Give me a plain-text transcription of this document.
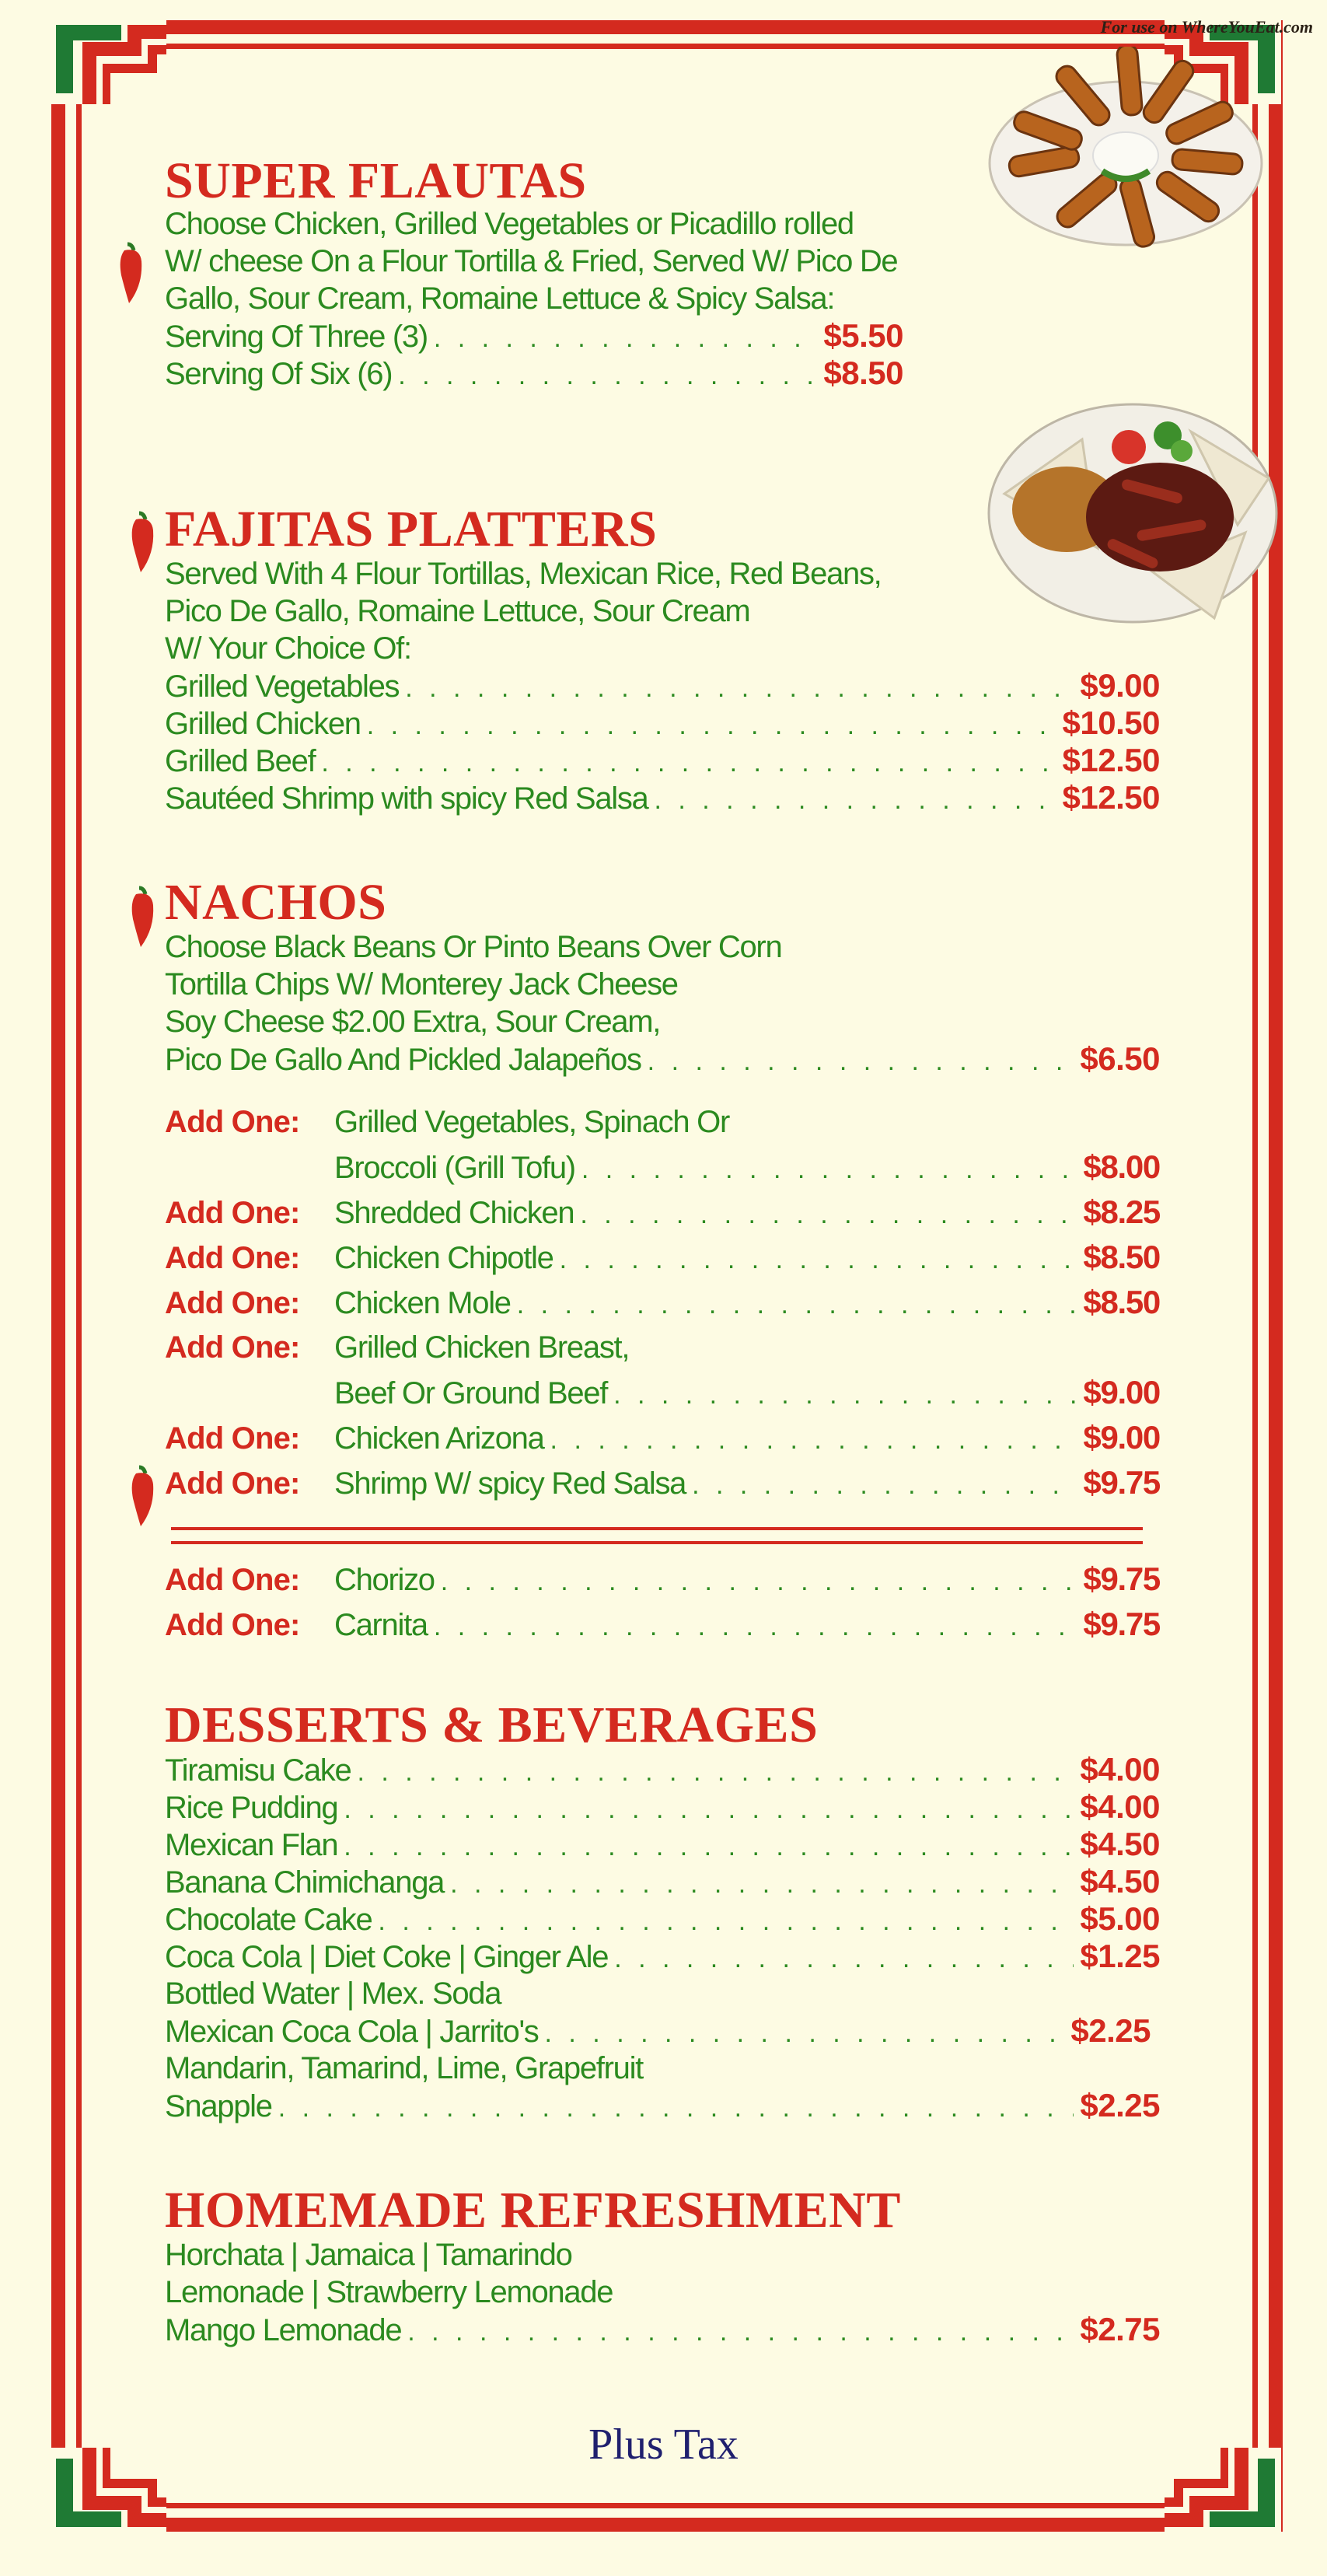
For use on WhereYouEat.com
SUPER FLAUTAS
Choose Chicken, Grilled Vegetables or Picadillo rolled
W/ cheese On a Flour Tortilla & Fried, Served W/ Pico De
Gallo, Sour Cream, Romaine Lettuce & Spicy Salsa:
Serving Of Three (3) . . .	$5.50
Serving Of Six (6) . . .	$8.50
FAJITAS PLATTERS
Served With 4 Flour Tortillas, Mexican Rice, Red Beans,
Pico De Gallo, Romaine Lettuce, Sour Cream
W/ Your Choice Of:
Grilled Vegetables . . .	$9.00
Grilled Chicken . . .	$10.50
Grilled Beef . . .	$12.50
Sautéed Shrimp with spicy Red Salsa . . .	$12.50
NACHOS
Choose Black Beans Or Pinto Beans Over Corn
Tortilla Chips W/ Monterey Jack Cheese
Soy Cheese $2.00 Extra, Sour Cream,
Pico De Gallo And Pickled Jalapeños . . .	$6.50
Add One:	Grilled Vegetables, Spinach Or
Broccoli (Grill Tofu) . . .	$8.00
Add One:	Shredded Chicken . . .	$8.25
Add One:	Chicken Chipotle . . .	$8.50
Add One:	Chicken Mole . . .	$8.50
Add One:	Grilled Chicken Breast,
Beef Or Ground Beef . . .	$9.00
Add One:	Chicken Arizona . . .	$9.00
Add One:	Shrimp W/ spicy Red Salsa . . .	$9.75
Add One:	Chorizo . . .	$9.75
Add One:	Carnita . . .	$9.75
DESSERTS & BEVERAGES
Tiramisu Cake . . .	$4.00
Rice Pudding . . .	$4.00
Mexican Flan . . .	$4.50
Banana Chimichanga . . .	$4.50
Chocolate Cake . . .	$5.00
Coca Cola | Diet Coke | Ginger Ale . . .	$1.25
Bottled Water | Mex. Soda
Mexican Coca Cola | Jarrito's . . .	$2.25
Mandarin, Tamarind, Lime, Grapefruit
Snapple . . .	$2.25
HOMEMADE REFRESHMENT
Horchata | Jamaica | Tamarindo
Lemonade | Strawberry Lemonade
Mango Lemonade . . .	$2.75
Plus Tax
